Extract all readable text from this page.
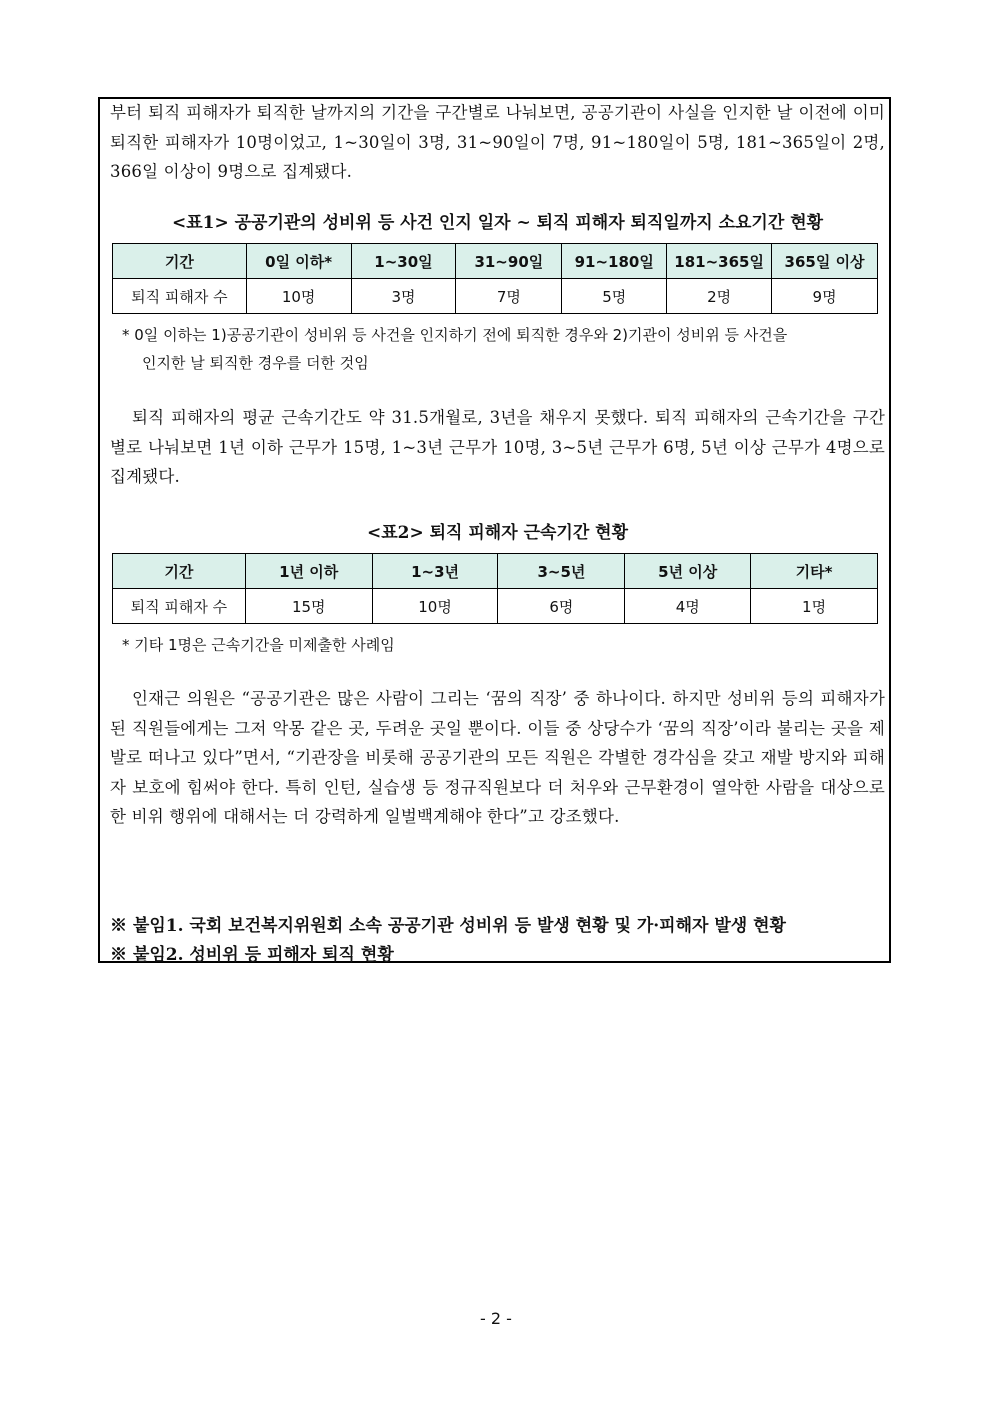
부터 퇴직 피해자가 퇴직한 날까지의 기간을 구간별로 나눠보면, 공공기관이 사실을 인지한 날 이전에 이미 퇴직한 피해자가 10명이었고, 1~30일이 3명, 31~90일이 7명, 91~180일이 5명, 181~365일이 2명, 366일 이상이 9명으로 집계됐다.
<표1> 공공기관의 성비위 등 사건 인지 일자 ~ 퇴직 피해자 퇴직일까지 소요기간 현황
기간	0일 이하*	1~30일	31~90일	91~180일	181~365일	365일 이상
퇴직 피해자 수	10명	3명	7명	5명	2명	9명
* 0일 이하는 1)공공기관이 성비위 등 사건을 인지하기 전에 퇴직한 경우와 2)기관이 성비위 등 사건을
인지한 날 퇴직한 경우를 더한 것임
퇴직 피해자의 평균 근속기간도 약 31.5개월로, 3년을 채우지 못했다. 퇴직 피해자의 근속기간을 구간별로 나눠보면 1년 이하 근무가 15명, 1~3년 근무가 10명, 3~5년 근무가 6명, 5년 이상 근무가 4명으로 집계됐다.
<표2> 퇴직 피해자 근속기간 현황
기간	1년 이하	1~3년	3~5년	5년 이상	기타*
퇴직 피해자 수	15명	10명	6명	4명	1명
* 기타 1명은 근속기간을 미제출한 사례임
인재근 의원은 “공공기관은 많은 사람이 그리는 ‘꿈의 직장’ 중 하나이다. 하지만 성비위 등의 피해자가 된 직원들에게는 그저 악몽 같은 곳, 두려운 곳일 뿐이다. 이들 중 상당수가 ‘꿈의 직장’이라 불리는 곳을 제 발로 떠나고 있다”면서, “기관장을 비롯해 공공기관의 모든 직원은 각별한 경각심을 갖고 재발 방지와 피해자 보호에 힘써야 한다. 특히 인턴, 실습생 등 정규직원보다 더 처우와 근무환경이 열악한 사람을 대상으로 한 비위 행위에 대해서는 더 강력하게 일벌백계해야 한다”고 강조했다.
※ 붙임1. 국회 보건복지위원회 소속 공공기관 성비위 등 발생 현황 및 가·피해자 발생 현황
※ 붙임2. 성비위 등 피해자 퇴직 현황
- 2 -
